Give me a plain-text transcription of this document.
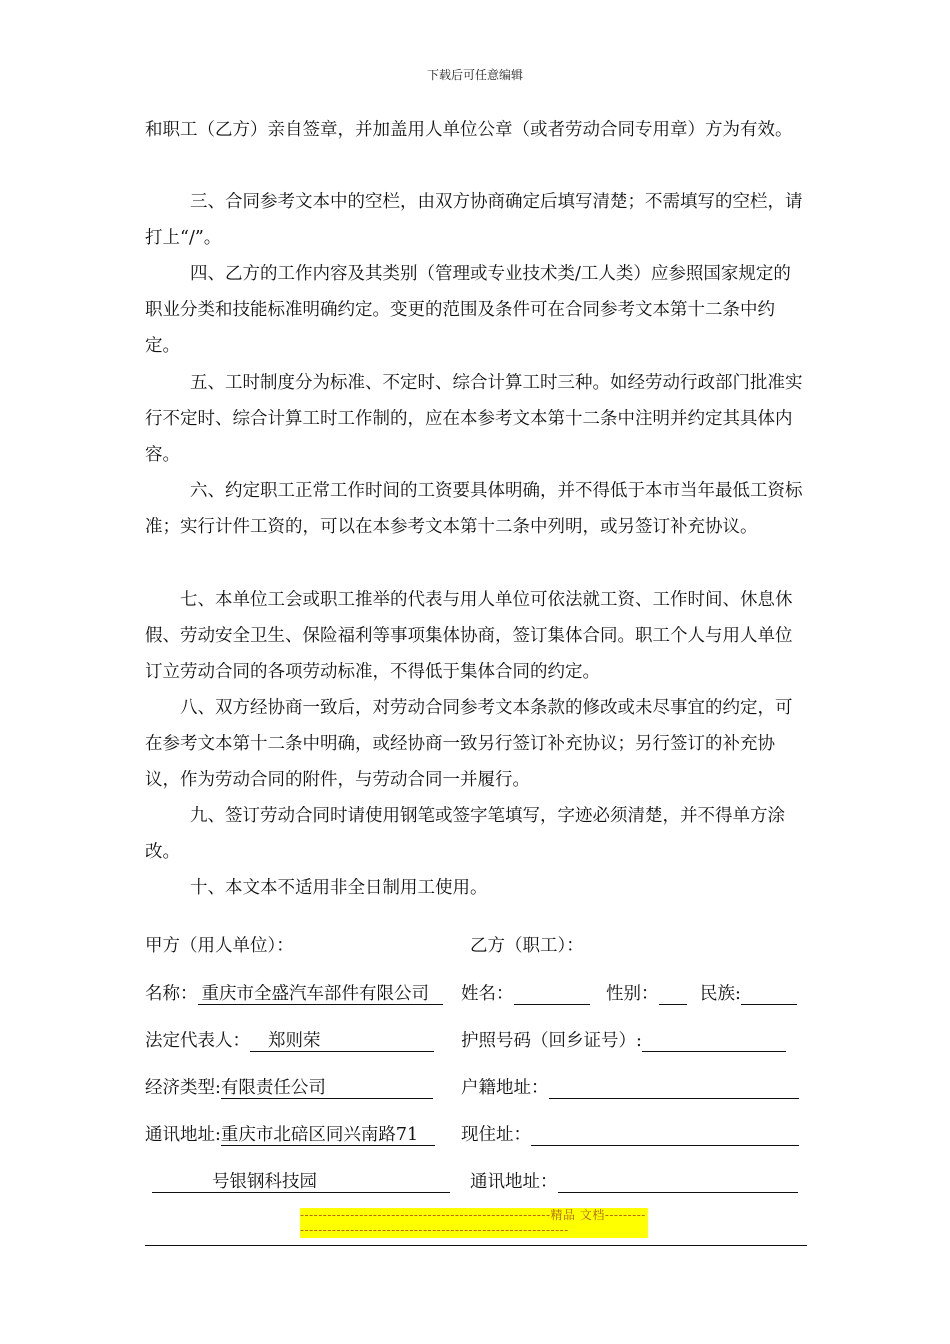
下载后可任意编辑

和职工（乙方）亲自签章，并加盖用人单位公章（或者劳动合同专用章）方为有效。

三、合同参考文本中的空栏，由双方协商确定后填写清楚；不需填写的空栏，请打上“/”。

四、乙方的工作内容及其类别（管理或专业技术类/工人类）应参照国家规定的职业分类和技能标准明确约定。变更的范围及条件可在合同参考文本第十二条中约定。

五、工时制度分为标准、不定时、综合计算工时三种。如经劳动行政部门批准实行不定时、综合计算工时工作制的，应在本参考文本第十二条中注明并约定其具体内容。

六、约定职工正常工作时间的工资要具体明确，并不得低于本市当年最低工资标准；实行计件工资的，可以在本参考文本第十二条中列明，或另签订补充协议。

七、本单位工会或职工推举的代表与用人单位可依法就工资、工作时间、休息休假、劳动安全卫生、保险福利等事项集体协商，签订集体合同。职工个人与用人单位订立劳动合同的各项劳动标准，不得低于集体合同的约定。

八、双方经协商一致后，对劳动合同参考文本条款的修改或未尽事宜的约定，可在参考文本第十二条中明确，或经协商一致另行签订补充协议；另行签订的补充协议，作为劳动合同的附件，与劳动合同一并履行。

九、签订劳动合同时请使用钢笔或签字笔填写，字迹必须清楚，并不得单方涂改。

十、本文本不适用非全日制用工使用。

甲方（用人单位）：	乙方（职工）：
名称： 重庆市全盛汽车部件有限公司	姓名：	性别：	民族:
法定代表人： 郑则荣	护照号码（回乡证号）:
经济类型:有限责任公司	户籍地址：
通讯地址:重庆市北碚区同兴南路71	现住址：
号银钢科技园	通讯地址：
-------------------------------------------------------精品 文档--------------------------------------------------------------------
